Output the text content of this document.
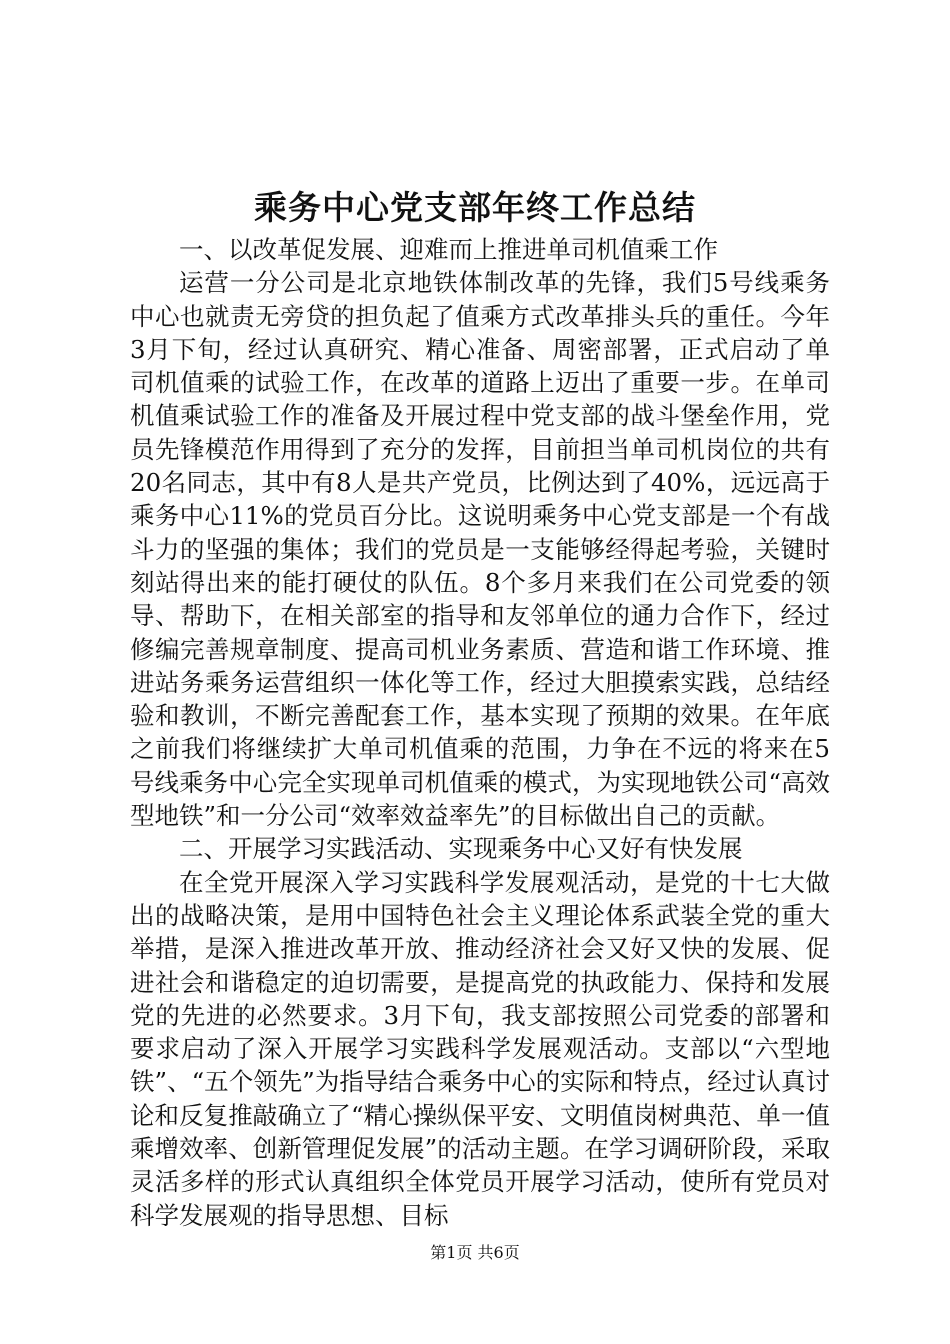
乘务中心党支部年终工作总结

一、以改革促发展、迎难而上推进单司机值乘工作

运营一分公司是北京地铁体制改革的先锋，我们5号线乘务中心也就责无旁贷的担负起了值乘方式改革排头兵的重任。今年3月下旬，经过认真研究、精心准备、周密部署，正式启动了单司机值乘的试验工作，在改革的道路上迈出了重要一步。在单司机值乘试验工作的准备及开展过程中党支部的战斗堡垒作用，党员先锋模范作用得到了充分的发挥，目前担当单司机岗位的共有20名同志，其中有8人是共产党员，比例达到了40%，远远高于乘务中心11%的党员百分比。这说明乘务中心党支部是一个有战斗力的坚强的集体；我们的党员是一支能够经得起考验，关键时刻站得出来的能打硬仗的队伍。8个多月来我们在公司党委的领导、帮助下，在相关部室的指导和友邻单位的通力合作下，经过修编完善规章制度、提高司机业务素质、营造和谐工作环境、推进站务乘务运营组织一体化等工作，经过大胆摸索实践，总结经验和教训，不断完善配套工作，基本实现了预期的效果。在年底之前我们将继续扩大单司机值乘的范围，力争在不远的将来在5号线乘务中心完全实现单司机值乘的模式，为实现地铁公司“高效型地铁”和一分公司“效率效益率先”的目标做出自己的贡献。

二、开展学习实践活动、实现乘务中心又好有快发展

在全党开展深入学习实践科学发展观活动，是党的十七大做出的战略决策，是用中国特色社会主义理论体系武装全党的重大举措，是深入推进改革开放、推动经济社会又好又快的发展、促进社会和谐稳定的迫切需要，是提高党的执政能力、保持和发展党的先进的必然要求。3月下旬，我支部按照公司党委的部署和要求启动了深入开展学习实践科学发展观活动。支部以“六型地铁”、“五个领先”为指导结合乘务中心的实际和特点，经过认真讨论和反复推敲确立了“精心操纵保平安、文明值岗树典范、单一值乘增效率、创新管理促发展”的活动主题。在学习调研阶段，采取灵活多样的形式认真组织全体党员开展学习活动，使所有党员对科学发展观的指导思想、目标

第1页 共6页
